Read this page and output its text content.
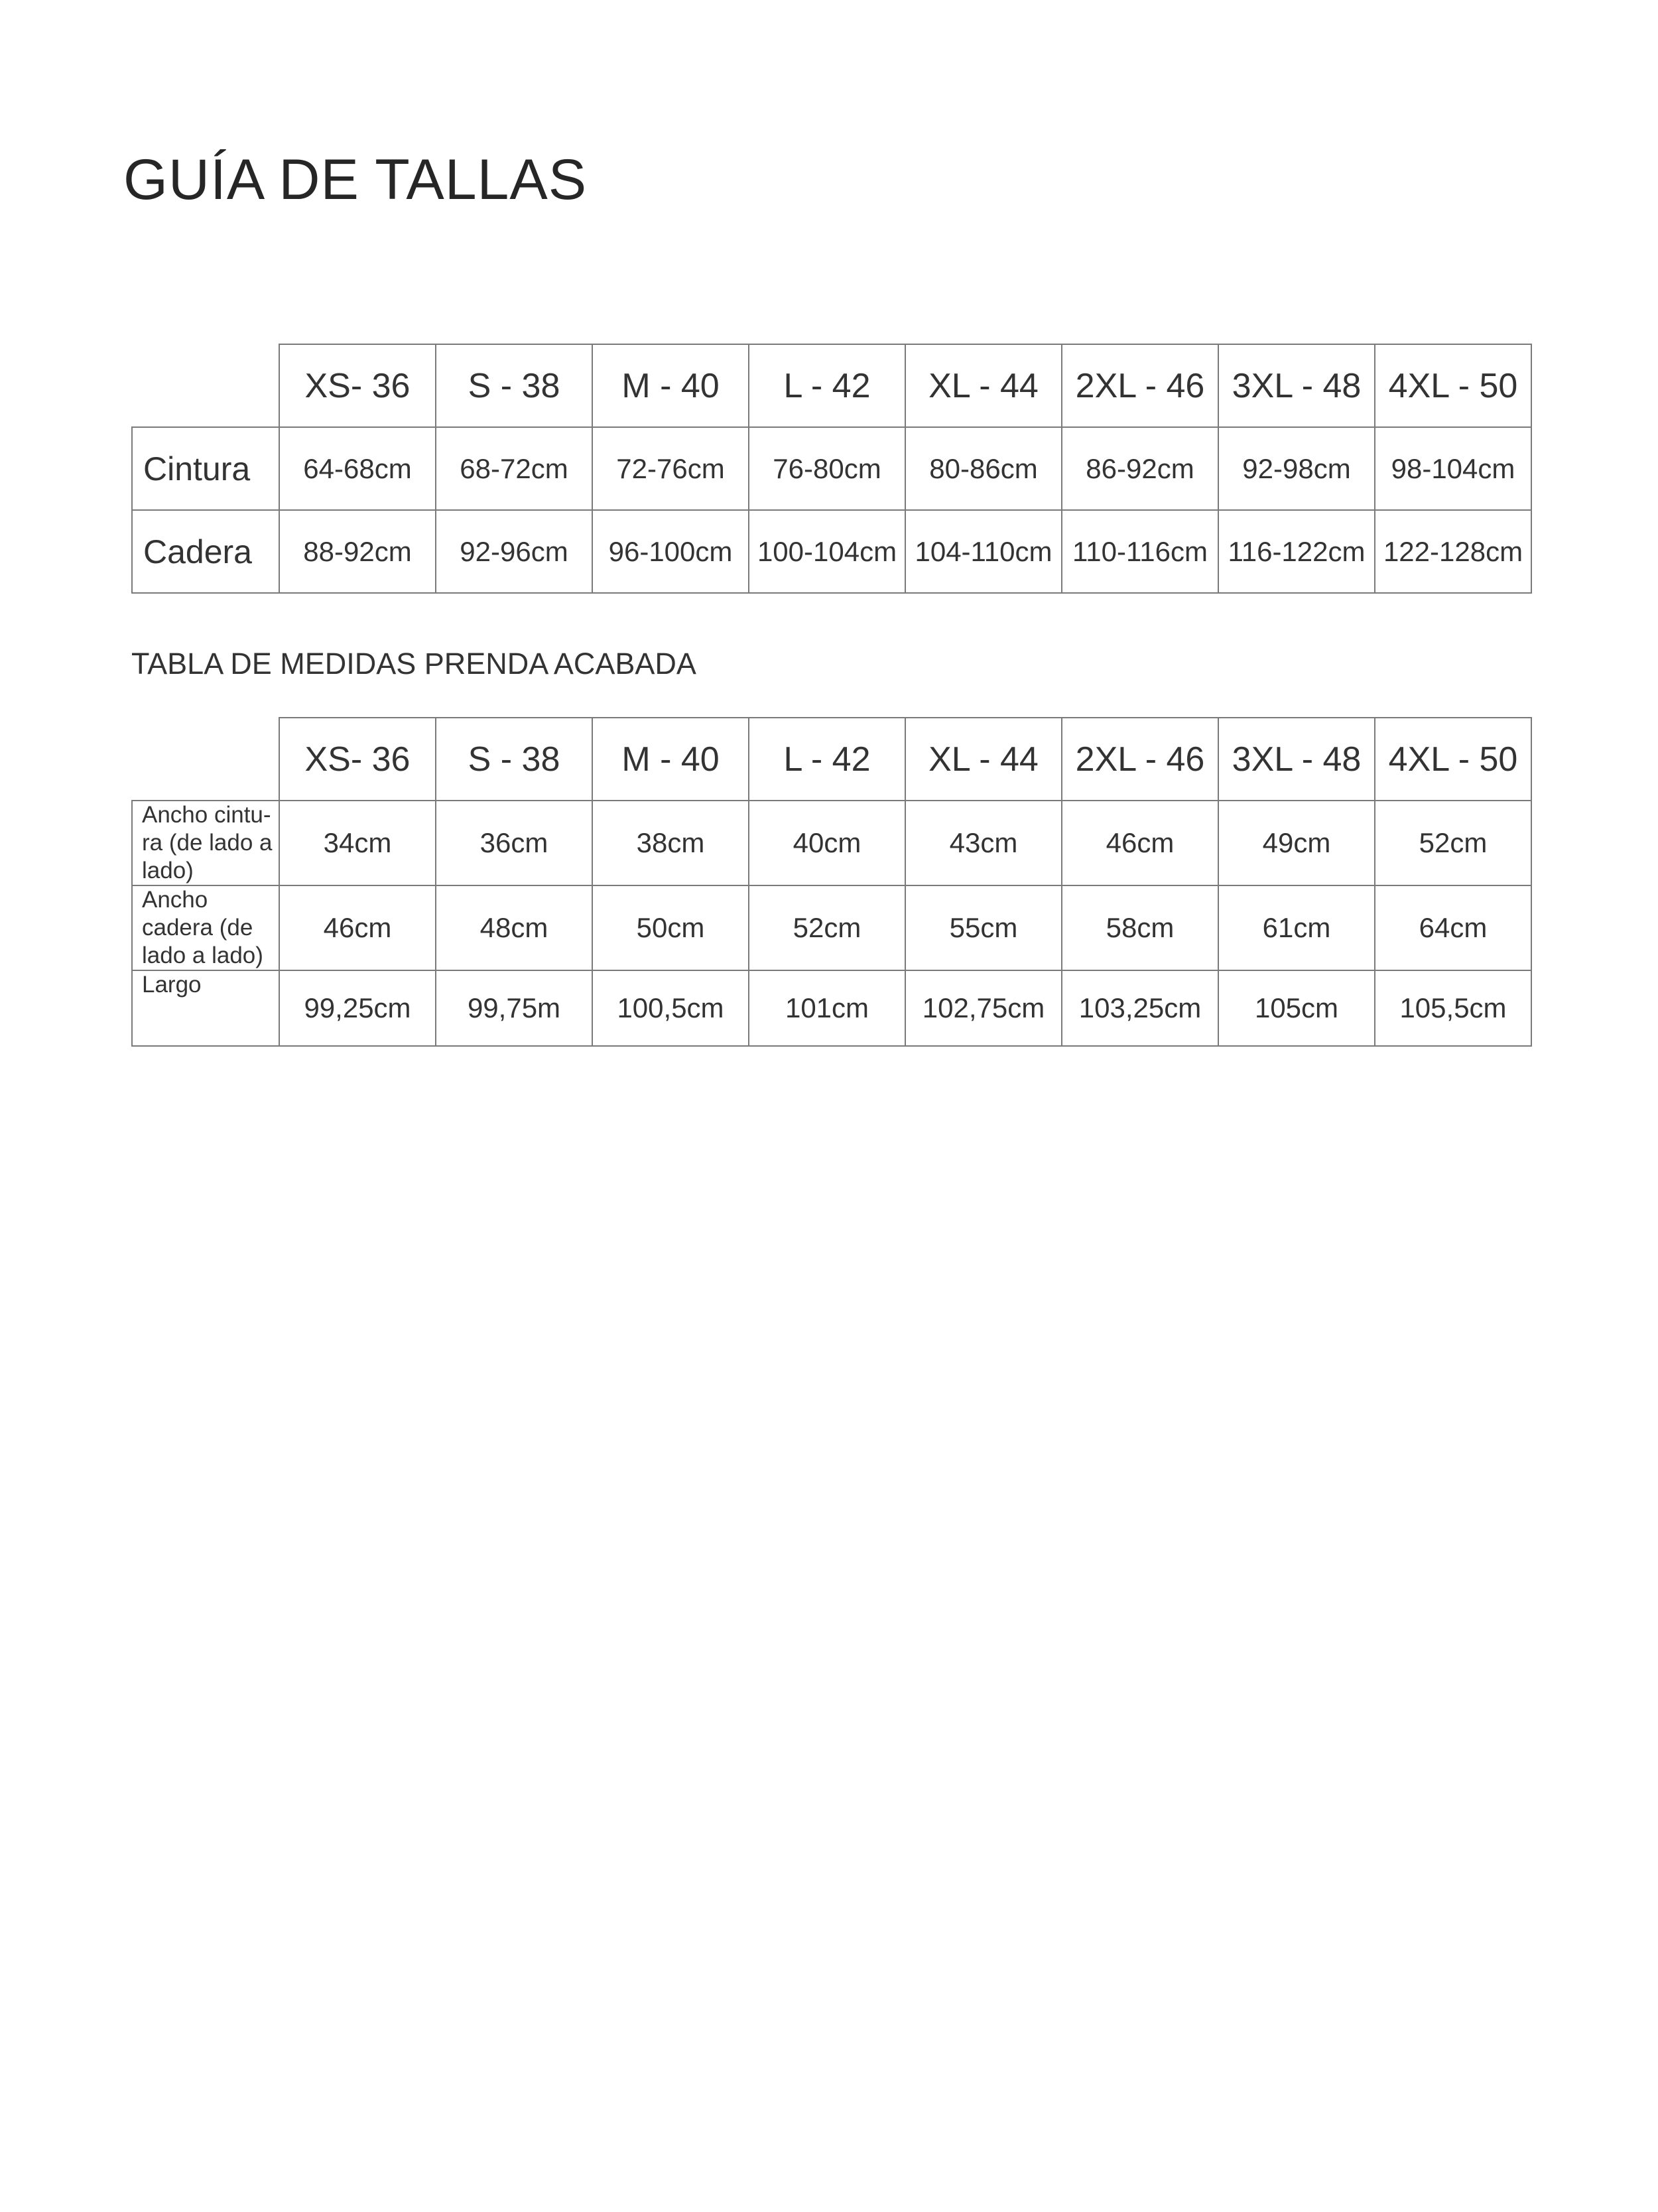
GUÍA DE TALLAS
	XS- 36	S - 38	M - 40	L - 42	XL - 44	2XL - 46	3XL - 48	4XL - 50
Cintura	64-68cm	68-72cm	72-76cm	76-80cm	80-86cm	86-92cm	92-98cm	98-104cm
Cadera	88-92cm	92-96cm	96-100cm	100-104cm	104-110cm	110-116cm	116-122cm	122-128cm
TABLA DE MEDIDAS PRENDA ACABADA
	XS- 36	S - 38	M - 40	L - 42	XL - 44	2XL - 46	3XL - 48	4XL - 50

Ancho cintu-
ra (de lado a
lado)	34cm	36cm	38cm	40cm	43cm	46cm	49cm	52cm

Ancho
cadera (de
lado a lado)	46cm	48cm	50cm	52cm	55cm	58cm	61cm	64cm

Largo	99,25cm	99,75m	100,5cm	101cm	102,75cm	103,25cm	105cm	105,5cm
